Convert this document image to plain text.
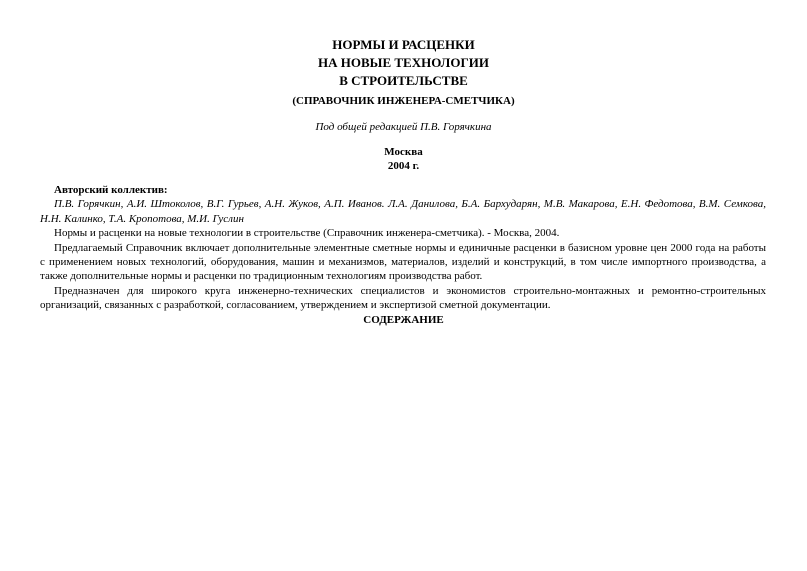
НОРМЫ И РАСЦЕНКИ
НА НОВЫЕ ТЕХНОЛОГИИ
В СТРОИТЕЛЬСТВЕ
(СПРАВОЧНИК ИНЖЕНЕРА-СМЕТЧИКА)
Под общей редакцией П.В. Горячкина
Москва
2004 г.

Авторский коллектив:

П.В. Горячкин, А.И. Штоколов, В.Г. Гурьев, А.Н. Жуков, А.П. Иванов. Л.А. Данилова, Б.А. Бархударян, М.В. Макарова, Е.Н. Федотова, В.М. Семкова, Н.Н. Калинко, Т.А. Кропотова, М.И. Гуслин

Нормы и расценки на новые технологии в строительстве (Справочник инженера-сметчика). - Москва, 2004.

Предлагаемый Справочник включает дополнительные элементные сметные нормы и единичные расценки в базисном уровне цен 2000 года на работы с применением новых технологий, оборудования, машин и механизмов, материалов, изделий и конструкций, в том числе импортного производства, а также дополнительные нормы и расценки по традиционным технологиям производства работ.

Предназначен для широкого круга инженерно-технических специалистов и экономистов строительно-монтажных и ремонтно-строительных организаций, связанных с разработкой, согласованием, утверждением и экспертизой сметной документации.

СОДЕРЖАНИЕ
